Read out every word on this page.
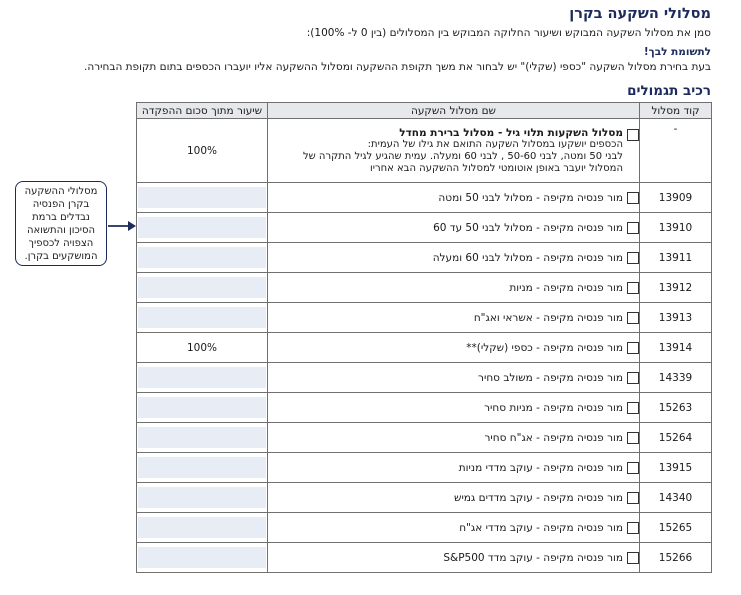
מסלולי השקעה בקרן
סמן את מסלול השקעה המבוקש ושיעור החלוקה המבוקש בין המסלולים (בין 0 ל- 100%):
לתשומת לבך!
בעת בחירת מסלול השקעה "כספי (שקלי)" יש לבחור את משך תקופת ההשקעה ומסלול ההשקעה אליו יועברו הכספים בתום תקופת הבחירה.
רכיב תגמולים
קוד מסלול	שם מסלול השקעה	שיעור מתוך סכום ההפקדה
-	מסלול השקעות תלוי גיל - מסלול ברירת מחדל
הכספים יושקעו במסלול השקעה התואם את גילו של העמית:
לבני 50 ומטה, לבני 50-60 , לבני 60 ומעלה. עמית שהגיע לגיל התקרה של
המסלול יועבר באופן אוטומטי למסלול ההשקעה הבא אחריו	100%
13909	מור פנסיה מקיפה - מסלול לבני 50 ומטה	

13910	מור פנסיה מקיפה - מסלול לבני 50 עד 60	

13911	מור פנסיה מקיפה - מסלול לבני 60 ומעלה	

13912	מור פנסיה מקיפה - מניות	

13913	מור פנסיה מקיפה - אשראי ואג"ח	

13914	מור פנסיה מקיפה - כספי (שקלי)**	100%

14339	מור פנסיה מקיפה - משולב סחיר	

15263	מור פנסיה מקיפה - מניות סחיר	

15264	מור פנסיה מקיפה - אג"ח סחיר	

13915	מור פנסיה מקיפה - עוקב מדדי מניות	

14340	מור פנסיה מקיפה - עוקב מדדים גמיש	

15265	מור פנסיה מקיפה - עוקב מדדי אג"ח	

15266	מור פנסיה מקיפה - עוקב מדד S&P500	

מסלולי ההשקעה
בקרן הפנסיה
נבדלים ברמת
הסיכון והתשואה
הצפויה לכספיך
המושקעים בקרן.
